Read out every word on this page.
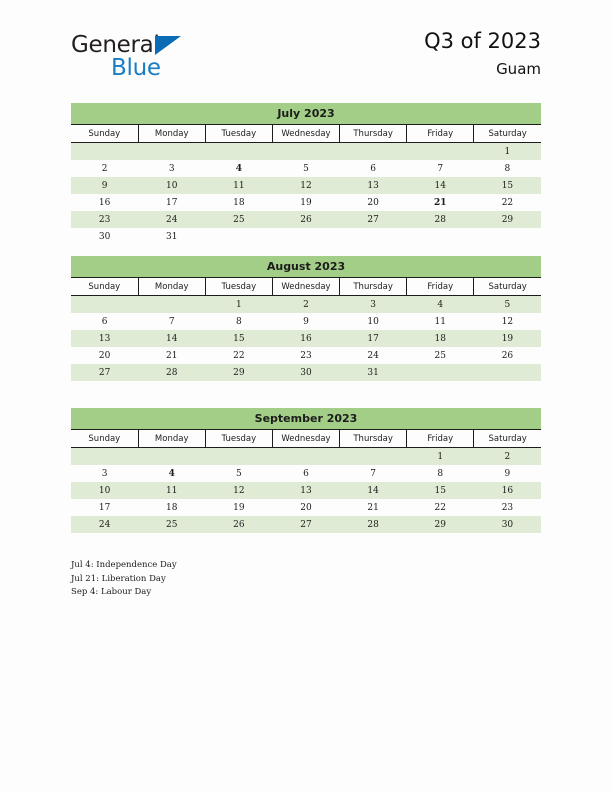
General
Blue
Q3 of 2023
Guam
July 2023
Sunday	Monday	Tuesday	Wednesday	Thursday	Friday	Saturday
						1
2	3	4	5	6	7	8
9	10	11	12	13	14	15
16	17	18	19	20	21	22
23	24	25	26	27	28	29
30	31					
August 2023
Sunday	Monday	Tuesday	Wednesday	Thursday	Friday	Saturday
		1	2	3	4	5
6	7	8	9	10	11	12
13	14	15	16	17	18	19
20	21	22	23	24	25	26
27	28	29	30	31		
September 2023
Sunday	Monday	Tuesday	Wednesday	Thursday	Friday	Saturday
					1	2
3	4	5	6	7	8	9
10	11	12	13	14	15	16
17	18	19	20	21	22	23
24	25	26	27	28	29	30
Jul 4: Independence Day
Jul 21: Liberation Day
Sep 4: Labour Day
